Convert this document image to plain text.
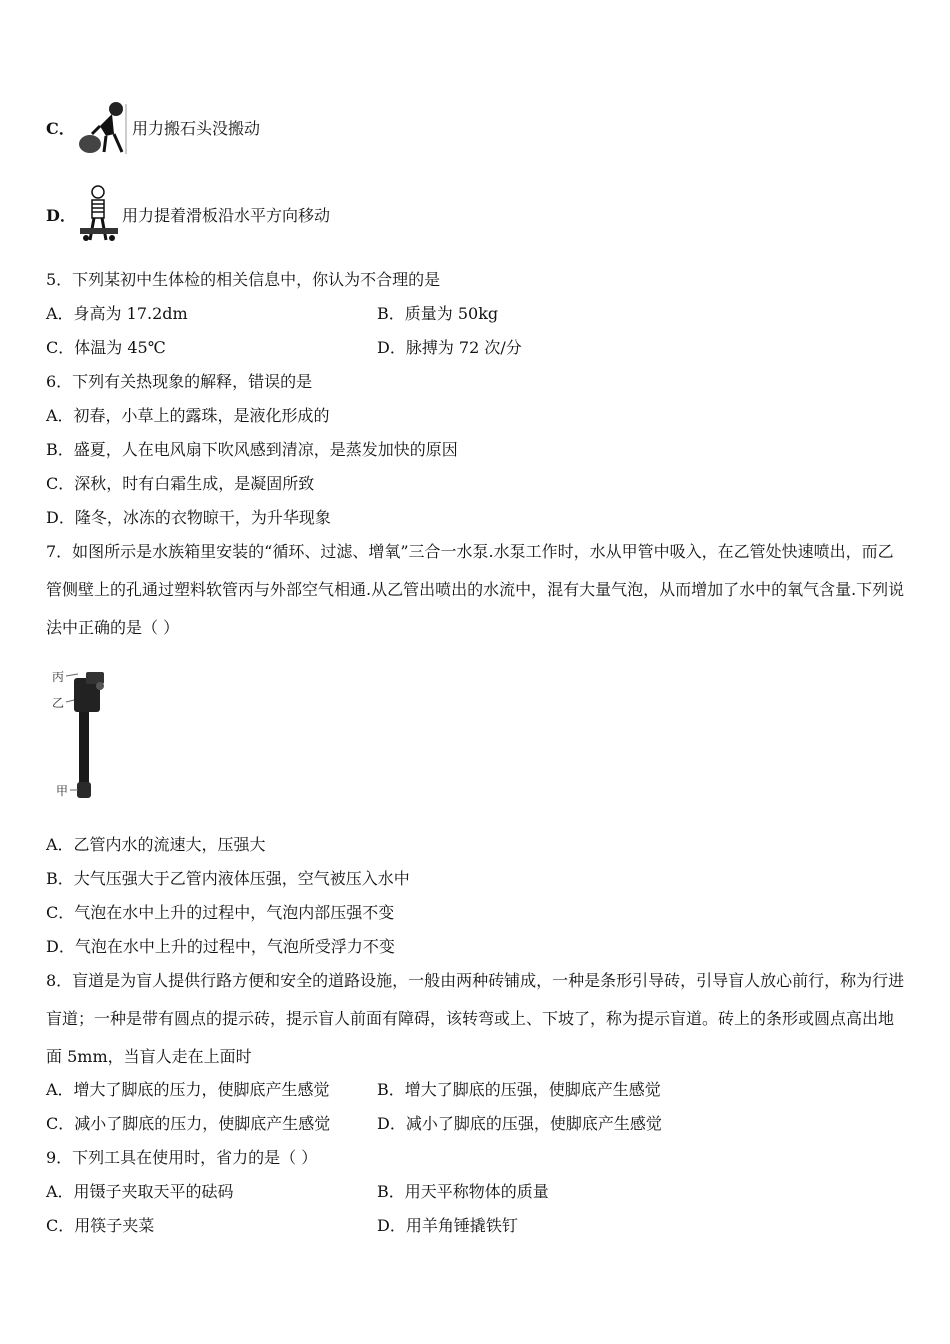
C．	用力搬石头没搬动
D．	用力提着滑板沿水平方向移动
5．下列某初中生体检的相关信息中，你认为不合理的是
A．身高为 17.2dm	B．质量为 50kg
C．体温为 45℃	D．脉搏为 72 次/分
6．下列有关热现象的解释，错误的是
A．初春，小草上的露珠，是液化形成的
B．盛夏，人在电风扇下吹风感到清凉，是蒸发加快的原因
C．深秋，时有白霜生成，是凝固所致
D．隆冬，冰冻的衣物晾干，为升华现象
7．如图所示是水族箱里安装的“循环、过滤、增氧”三合一水泵.水泵工作时，水从甲管中吸入，在乙管处快速喷出，而乙管侧壁上的孔通过塑料软管丙与外部空气相通.从乙管出喷出的水流中，混有大量气泡，从而增加了水中的氧气含量.下列说法中正确的是（ ）
丙
乙
甲
A．乙管内水的流速大，压强大
B．大气压强大于乙管内液体压强，空气被压入水中
C．气泡在水中上升的过程中，气泡内部压强不变
D．气泡在水中上升的过程中，气泡所受浮力不变
8．盲道是为盲人提供行路方便和安全的道路设施，一般由两种砖铺成，一种是条形引导砖，引导盲人放心前行，称为行进盲道；一种是带有圆点的提示砖，提示盲人前面有障碍，该转弯或上、下坡了，称为提示盲道。砖上的条形或圆点高出地面 5mm，当盲人走在上面时
A．增大了脚底的压力，使脚底产生感觉	B．增大了脚底的压强，使脚底产生感觉
C．减小了脚底的压力，使脚底产生感觉	D．减小了脚底的压强，使脚底产生感觉
9．下列工具在使用时，省力的是（ ）
A．用镊子夹取天平的砝码	B．用天平称物体的质量
C．用筷子夹菜	D．用羊角锤撬铁钉
